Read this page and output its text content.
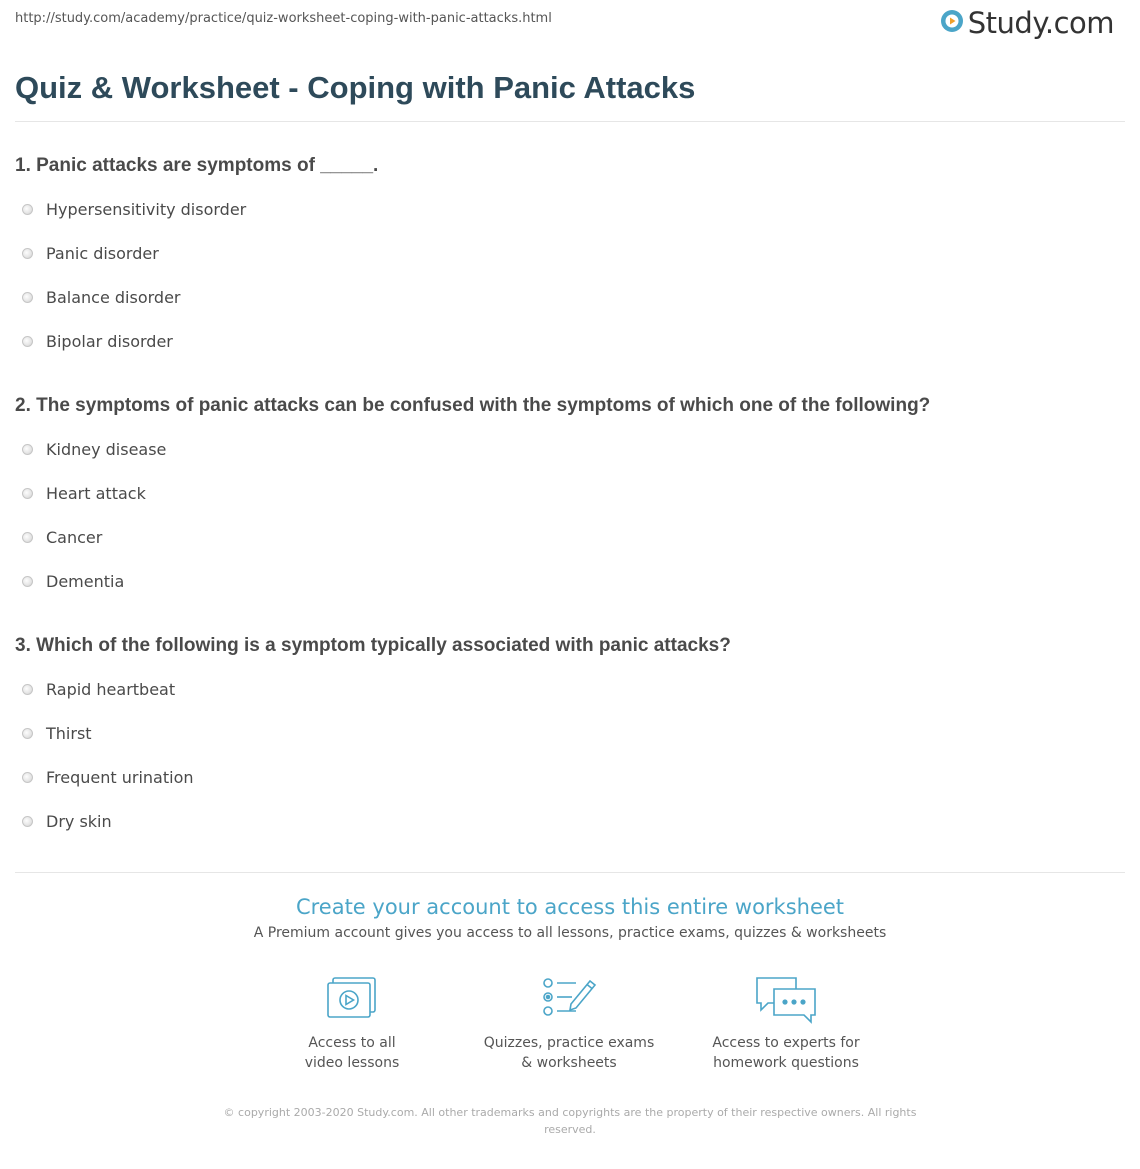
http://study.com/academy/practice/quiz-worksheet-coping-with-panic-attacks.html	Study.com
Quiz & Worksheet - Coping with Panic Attacks
1. Panic attacks are symptoms of _____.
Hypersensitivity disorder
Panic disorder
Balance disorder
Bipolar disorder
2. The symptoms of panic attacks can be confused with the symptoms of which one of the following?
Kidney disease
Heart attack
Cancer
Dementia
3. Which of the following is a symptom typically associated with panic attacks?
Rapid heartbeat
Thirst
Frequent urination
Dry skin
Create your account to access this entire worksheet
A Premium account gives you access to all lessons, practice exams, quizzes & worksheets
Access to all
video lessons
Quizzes, practice exams
& worksheets
Access to experts for
homework questions
© copyright 2003-2020 Study.com. All other trademarks and copyrights are the property of their respective owners. All rights reserved.
